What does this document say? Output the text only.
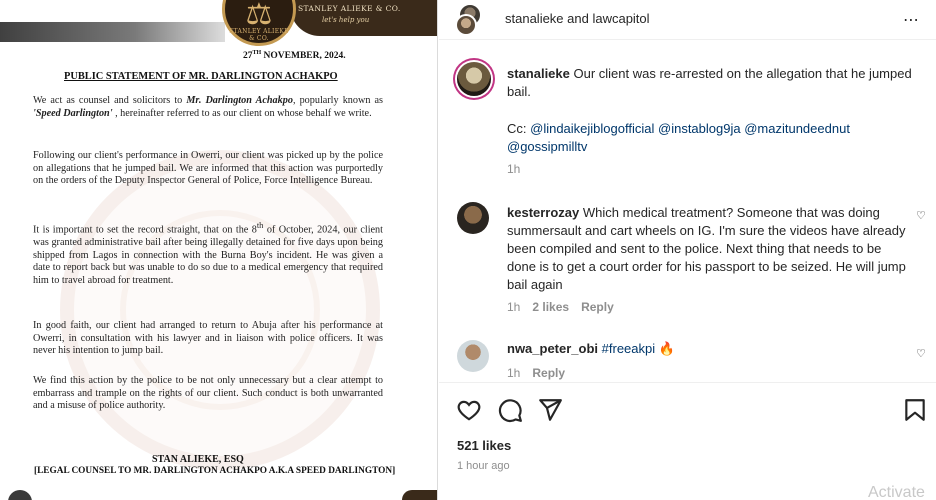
⚖
STANLEY ALIEKE & CO.
STANLEY ALIEKE & CO.
let's help you
27TH NOVEMBER, 2024.
PUBLIC STATEMENT OF MR. DARLINGTON ACHAKPO
We act as counsel and solicitors to Mr. Darlington Achakpo, popularly known as 'Speed Darlington' , hereinafter referred to as our client on whose behalf we write.
Following our client's performance in Owerri, our client was picked up by the police on allegations that he jumped bail. We are informed that this action was purportedly on the orders of the Deputy Inspector General of Police, Force Intelligence Bureau.
It is important to set the record straight, that on the 8th of October, 2024, our client was granted administrative bail after being illegally detained for five days upon being shipped from Lagos in connection with the Burna Boy's incident. He was given a date to report back but was unable to do so due to a medical emergency that required him to travel abroad for treatment.
In good faith, our client had arranged to return to Abuja after his performance at Owerri, in consultation with his lawyer and in liaison with police officers. It was never his intention to jump bail.
We find this action by the police to be not only unnecessary but a clear attempt to embarrass and trample on the rights of our client. Such conduct is both unwarranted and a misuse of police authority.
STAN ALIEKE, ESQ
[LEGAL COUNSEL TO MR. DARLINGTON ACHAKPO A.K.A SPEED DARLINGTON]
stanalieke and lawcapitol	⋯
stanalieke Our client was re-arrested on the allegation that he jumped bail.
Cc: @lindaikejiblogofficial @instablog9ja @mazitundeednut @gossipmilltv
1h
kesterrozay Which medical treatment? Someone that was doing summersault and cart wheels on IG. I'm sure the videos have already been compiled and sent to the police. Next thing that needs to be done is to get a court order for his passport to be seized. He will jump bail again
1h 2 likes Reply
♡
nwa_peter_obi #freeakpi 🔥
1h Reply
♡
521 likes
1 hour ago
Activate
